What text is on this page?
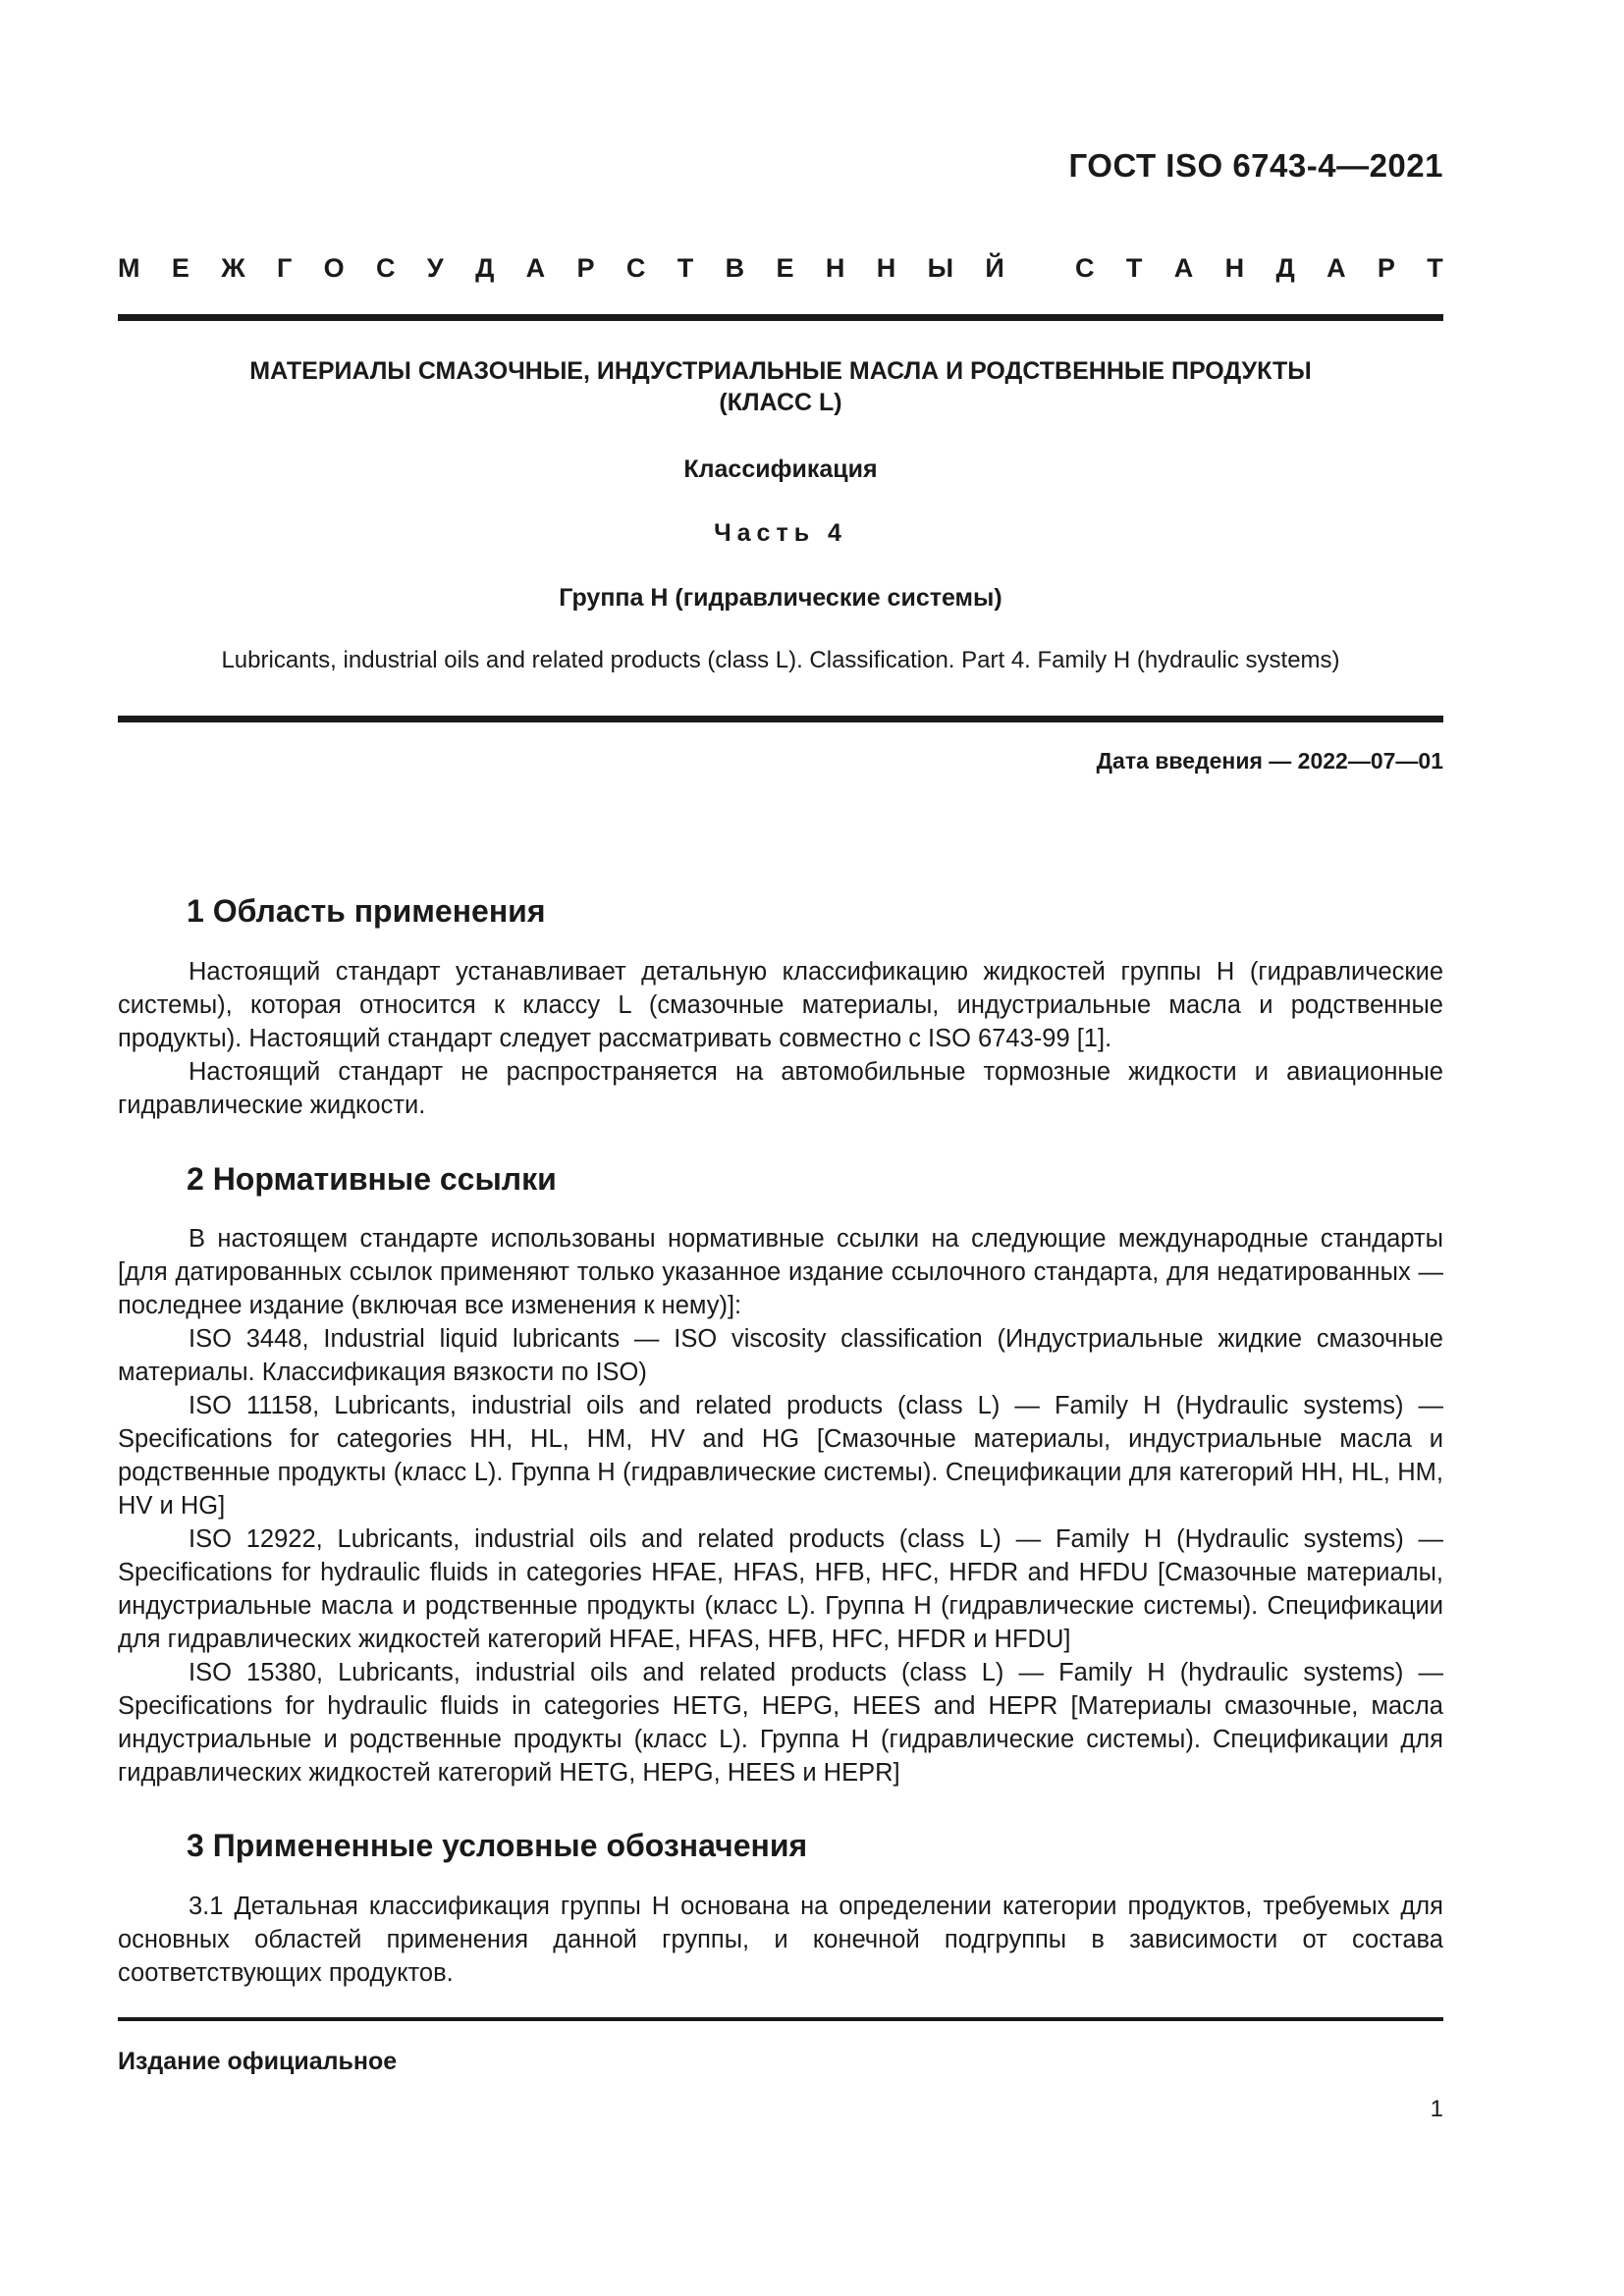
ГОСТ ISO 6743-4—2021
М Е Ж Г О С У Д А Р С Т В Е Н Н Ы Й
	С Т А Н Д А Р Т
МАТЕРИАЛЫ СМАЗОЧНЫЕ, ИНДУСТРИАЛЬНЫЕ МАСЛА И РОДСТВЕННЫЕ ПРОДУКТЫ
(КЛАСС L)
Классификация
Часть 4
Группа H (гидравлические системы)
Lubricants, industrial oils and related products (class L). Classification. Part 4. Family H (hydraulic systems)
Дата введения — 2022—07—01
1 Область применения

Настоящий стандарт устанавливает детальную классификацию жидкостей группы H (гидравлические системы), которая относится к классу L (смазочные материалы, индустриальные масла и родственные продукты). Настоящий стандарт следует рассматривать совместно с ISO 6743-99 [1].

Настоящий стандарт не распространяется на автомобильные тормозные жидкости и авиационные гидравлические жидкости.

2 Нормативные ссылки

В настоящем стандарте использованы нормативные ссылки на следующие международные стандарты [для датированных ссылок применяют только указанное издание ссылочного стандарта, для недатированных — последнее издание (включая все изменения к нему)]:

ISO 3448, Industrial liquid lubricants — ISO viscosity classification (Индустриальные жидкие смазочные материалы. Классификация вязкости по ISO)

ISO 11158, Lubricants, industrial oils and related products (class L) — Family H (Hydraulic systems) — Specifications for categories HH, HL, HM, HV and HG [Смазочные материалы, индустриальные масла и родственные продукты (класс L). Группа H (гидравлические системы). Спецификации для категорий HH, HL, HM, HV и HG]

ISO 12922, Lubricants, industrial oils and related products (class L) — Family H (Hydraulic systems) — Specifications for hydraulic fluids in categories HFAE, HFAS, HFB, HFC, HFDR and HFDU [Смазочные материалы, индустриальные масла и родственные продукты (класс L). Группа H (гидравлические системы). Спецификации для гидравлических жидкостей категорий HFAE, HFAS, HFB, HFC, HFDR и HFDU]

ISO 15380, Lubricants, industrial oils and related products (class L) — Family H (hydraulic systems) — Specifications for hydraulic fluids in categories HETG, HEPG, HEES and HEPR [Материалы смазочные, масла индустриальные и родственные продукты (класс L). Группа H (гидравлические системы). Спецификации для гидравлических жидкостей категорий HETG, HEPG, HEES и HEPR]

3 Примененные условные обозначения

3.1 Детальная классификация группы H основана на определении категории продуктов, требуемых для основных областей применения данной группы, и конечной подгруппы в зависимости от состава соответствующих продуктов.

Издание официальное
1
